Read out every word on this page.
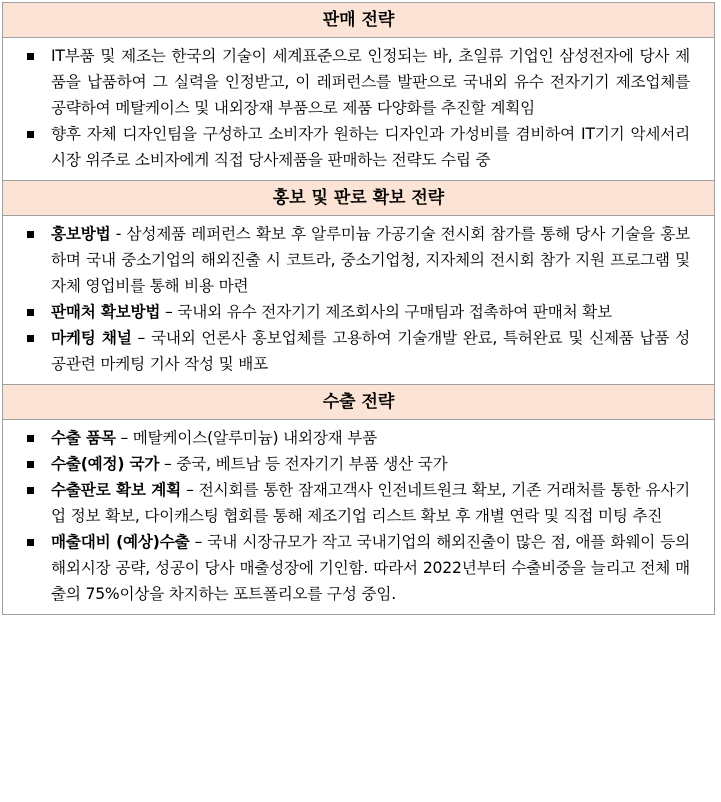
판매 전략
IT부품 및 제조는 한국의 기술이 세계표준으로 인정되는 바, 초일류 기업인 삼성전자에 당사 제품을 납품하여 그 실력을 인정받고, 이 레퍼런스를 발판으로 국내외 유수 전자기기 제조업체를 공략하여 메탈케이스 및 내외장재 부품으로 제품 다양화를 추진할 계획임
향후 자체 디자인팀을 구성하고 소비자가 원하는 디자인과 가성비를 겸비하여 IT기기 악세서리 시장 위주로 소비자에게 직접 당사제품을 판매하는 전략도 수립 중
홍보 및 판로 확보 전략
홍보방법 - 삼성제품 레퍼런스 확보 후 알루미늄 가공기술 전시회 참가를 통해 당사 기술을 홍보하며 국내 중소기업의 해외진출 시 코트라, 중소기업청, 지자체의 전시회 참가 지원 프로그램 및 자체 영업비를 통해 비용 마련
판매처 확보방법 – 국내외 유수 전자기기 제조회사의 구매팀과 접촉하여 판매처 확보
마케팅 채널 – 국내외 언론사 홍보업체를 고용하여 기술개발 완료, 특허완료 및 신제품 납품 성공관련 마케팅 기사 작성 및 배포
수출 전략
수출 품목 – 메탈케이스(알루미늄) 내외장재 부품
수출(예정) 국가 – 중국, 베트남 등 전자기기 부품 생산 국가
수출판로 확보 계획 – 전시회를 통한 잠재고객사 인전네트원크 확보, 기존 거래처를 통한 유사기업 정보 확보, 다이캐스팅 협회를 통해 제조기업 리스트 확보 후 개별 연락 및 직접 미팅 추진
매출대비 (예상)수출 – 국내 시장규모가 작고 국내기업의 해외진출이 많은 점, 애플 화웨이 등의 해외시장 공략, 성공이 당사 매출성장에 기인함. 따라서 2022년부터 수출비중을 늘리고 전체 매출의 75%이상을 차지하는 포트폴리오를 구성 중임.
